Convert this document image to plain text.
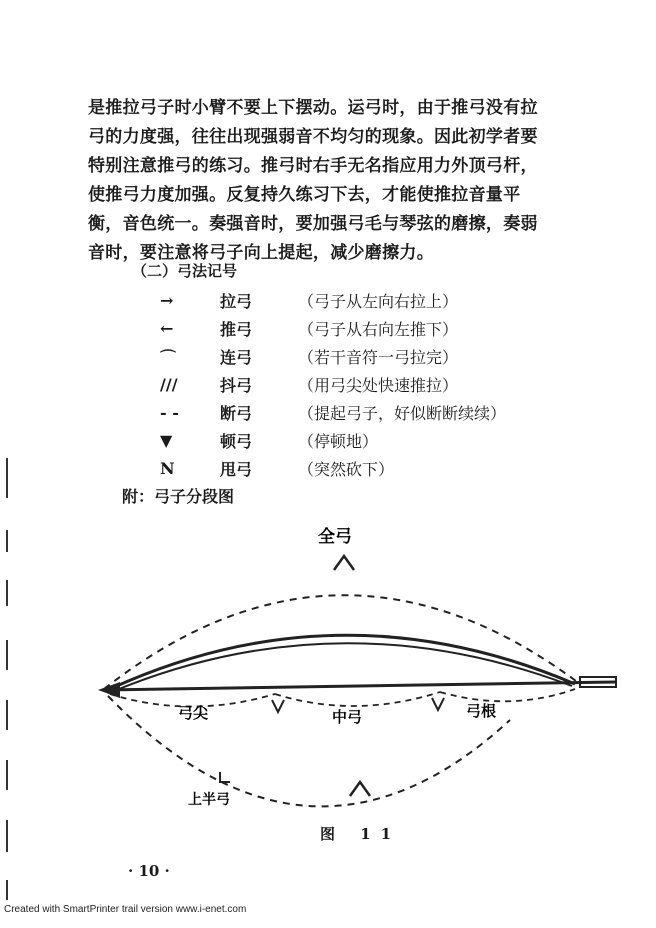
是推拉弓子时小臂不要上下摆动。运弓时，由于推弓没有拉

弓的力度强，往往出现强弱音不均匀的现象。因此初学者要

特别注意推弓的练习。推弓时右手无名指应用力外顶弓杆，

使推弓力度加强。反复持久练习下去，才能使推拉音量平

衡，音色统一。奏强音时，要加强弓毛与琴弦的磨擦，奏弱

音时，要注意将弓子向上提起，减少磨擦力。

（二）弓法记号
→	拉弓	（弓子从左向右拉上）
←	推弓	（弓子从右向左推下）
⌒	连弓	（若干音符一弓拉完）
///	抖弓	（用弓尖处快速推拉）
- -	断弓	（提起弓子，好似断断续续）
▼	顿弓	（停顿地）
N	甩弓	（突然砍下）
附：弓子分段图
全弓
弓尖	中弓	弓根
上半弓
图 11
· 10 ·
Created with SmartPrinter trail version www.i-enet.com
